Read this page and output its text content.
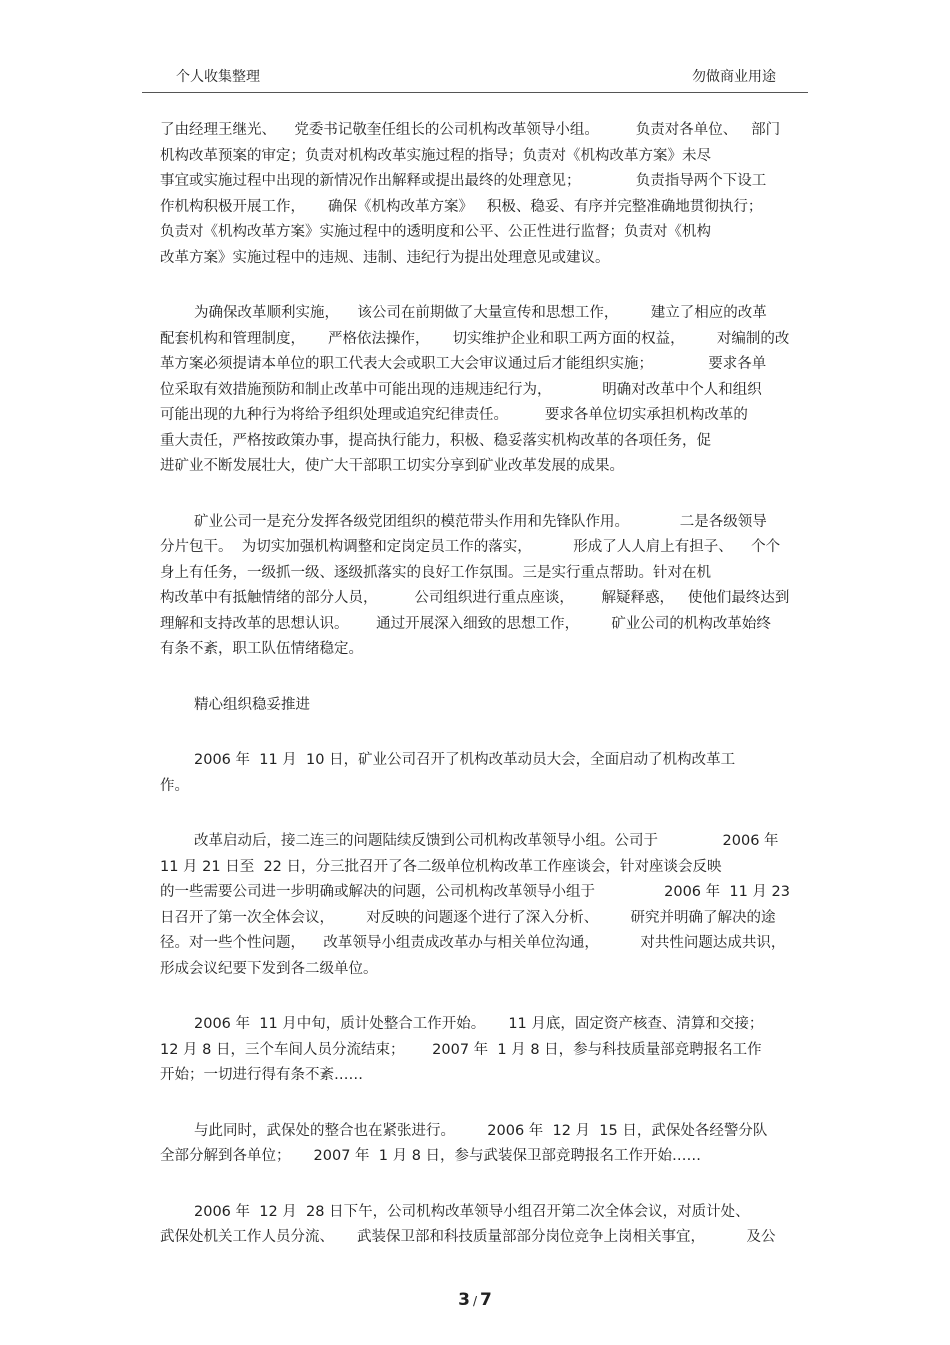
个人收集整理	勿做商业用途
了由经理王继光、    党委书记敬奎任组长的公司机构改革领导小组。        负责对各单位、   部门
机构改革预案的审定；负责对机构改革实施过程的指导；负责对《机构改革方案》未尽
事宜或实施过程中出现的新情况作出解释或提出最终的处理意见；            负责指导两个下设工
作机构积极开展工作，     确保《机构改革方案》   积极、稳妥、有序并完整准确地贯彻执行；
负责对《机构改革方案》实施过程中的透明度和公平、公正性进行监督；负责对《机构
改革方案》实施过程中的违规、违制、违纪行为提出处理意见或建议。
为确保改革顺利实施，    该公司在前期做了大量宣传和思想工作，       建立了相应的改革
配套机构和管理制度，     严格依法操作，     切实维护企业和职工两方面的权益，       对编制的改
革方案必须提请本单位的职工代表大会或职工大会审议通过后才能组织实施；            要求各单
位采取有效措施预防和制止改革中可能出现的违规违纪行为，           明确对改革中个人和组织
可能出现的九种行为将给予组织处理或追究纪律责任。        要求各单位切实承担机构改革的
重大责任，严格按政策办事，提高执行能力，积极、稳妥落实机构改革的各项任务，促
进矿业不断发展壮大，使广大干部职工切实分享到矿业改革发展的成果。
矿业公司一是充分发挥各级党团组织的模范带头作用和先锋队作用。           二是各级领导
分片包干。  为切实加强机构调整和定岗定员工作的落实，         形成了人人肩上有担子、    个个
身上有任务，一级抓一级、逐级抓落实的良好工作氛围。三是实行重点帮助。针对在机
构改革中有抵触情绪的部分人员，        公司组织进行重点座谈，      解疑释惑，   使他们最终达到
理解和支持改革的思想认识。      通过开展深入细致的思想工作，       矿业公司的机构改革始终
有条不紊，职工队伍情绪稳定。
精心组织稳妥推进
2006 年  11 月  10 日，矿业公司召开了机构改革动员大会，全面启动了机构改革工
作。
改革启动后，接二连三的问题陆续反馈到公司机构改革领导小组。公司于              2006 年
11 月 21 日至  22 日，分三批召开了各二级单位机构改革工作座谈会，针对座谈会反映
的一些需要公司进一步明确或解决的问题，公司机构改革领导小组于               2006 年  11 月 23
日召开了第一次全体会议，       对反映的问题逐个进行了深入分析、       研究并明确了解决的途
径。对一些个性问题，    改革领导小组责成改革办与相关单位沟通，         对共性问题达成共识，
形成会议纪要下发到各二级单位。
2006 年  11 月中旬，质计处整合工作开始。     11 月底，固定资产核查、清算和交接；
12 月 8 日，三个车间人员分流结束；      2007 年  1 月 8 日，参与科技质量部竞聘报名工作
开始；一切进行得有条不紊……
与此同时，武保处的整合也在紧张进行。       2006 年  12 月  15 日，武保处各经警分队
全部分解到各单位；     2007 年  1 月 8 日，参与武装保卫部竞聘报名工作开始……
2006 年  12 月  28 日下午，公司机构改革领导小组召开第二次全体会议，对质计处、
武保处机关工作人员分流、     武装保卫部和科技质量部部分岗位竞争上岗相关事宜，         及公
3 / 7
